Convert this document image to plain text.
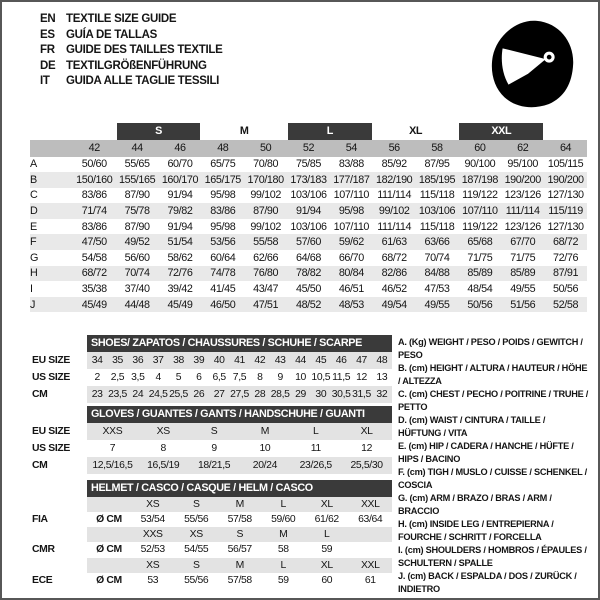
EN TEXTILE SIZE GUIDE
ES GUÍA DE TALLAS
FR GUIDE DES TAILLES TEXTILE
DE TEXTILGRÖßENFÜHRUNG
IT	GUIDA ALLE TAGLIE TESSILI

		S		M		L		XL		XXL		

	42	44	46	48	50	52	54	56	58	60	62	64
A	50/60	55/65	60/70	65/75	70/80	75/85	83/88	85/92	87/95	90/100	95/100	105/115
B	150/160	155/165	160/170	165/175	170/180	173/183	177/187	182/190	185/195	187/198	190/200	190/200
C	83/86	87/90	91/94	95/98	99/102	103/106	107/110	111/114	115/118	119/122	123/126	127/130
D	71/74	75/78	79/82	83/86	87/90	91/94	95/98	99/102	103/106	107/110	111/114	115/119
E	83/86	87/90	91/94	95/98	99/102	103/106	107/110	111/114	115/118	119/122	123/126	127/130
F	47/50	49/52	51/54	53/56	55/58	57/60	59/62	61/63	63/66	65/68	67/70	68/72
G	54/58	56/60	58/62	60/64	62/66	64/68	66/70	68/72	70/74	71/75	71/75	72/76
H	68/72	70/74	72/76	74/78	76/80	78/82	80/84	82/86	84/88	85/89	85/89	87/91
I	35/38	37/40	39/42	41/45	43/47	45/50	46/51	46/52	47/53	48/54	49/55	50/56
J	45/49	44/48	45/49	46/50	47/51	48/52	48/53	49/54	49/55	50/56	51/56	52/58
SHOES/ ZAPATOS / CHAUSSURES / SCHUHE / SCARPE
EU SIZE	34 35 36 37 38 39 40 41 42 43 44 45 46 47 48
US SIZE	2	2,5 3,5	4	5	6	6,5 7,5	8	9	10 10,5 11,5 12 13
CM	23 23,5 24 24,5 25,5 26 27 27,5 28 28,5 29 30 30,5 31,5 32
GLOVES / GUANTES / GANTS / HANDSCHUHE / GUANTI
EU SIZE	XXS	XS	S	M	L	XL
US SIZE	7	8	9	10	11	12
CM	12,5/16,5	16,5/19	18/21,5	20/24	23/26,5	25,5/30
HELMET / CASCO / CASQUE / HELM / CASCO
XS	S	M	L	XL	XXL
FIA	Ø CM	53/54	55/56	57/58	59/60	61/62	63/64
XXS	XS	S	M	L
CMR	Ø CM	52/53	54/55	56/57	58	59
XS	S	M	L	XL	XXL
ECE	Ø CM	53	55/56	57/58	59	60	61
A. (Kg) WEIGHT / PESO / POIDS / GEWITCH / PESO
B. (cm) HEIGHT / ALTURA / HAUTEUR / HÖHE / ALTEZZA
C. (cm) CHEST / PECHO / POITRINE / TRUHE / PETTO
D. (cm) WAIST / CINTURA / TAILLE / HÜFTUNG / VITA
E. (cm) HIP / CADERA / HANCHE / HÜFTE / HIPS / BACINO
F. (cm) TIGH / MUSLO / CUISSE / SCHENKEL / COSCIA
G. (cm) ARM / BRAZO / BRAS / ARM / BRACCIO
H. (cm) INSIDE LEG / ENTREPIERNA / FOURCHE / SCHRITT / FORCELLA
I. (cm) SHOULDERS / HOMBROS / ÉPAULES / SCHULTERN / SPALLE
J. (cm) BACK / ESPALDA / DOS / ZURÜCK / INDIETRO
